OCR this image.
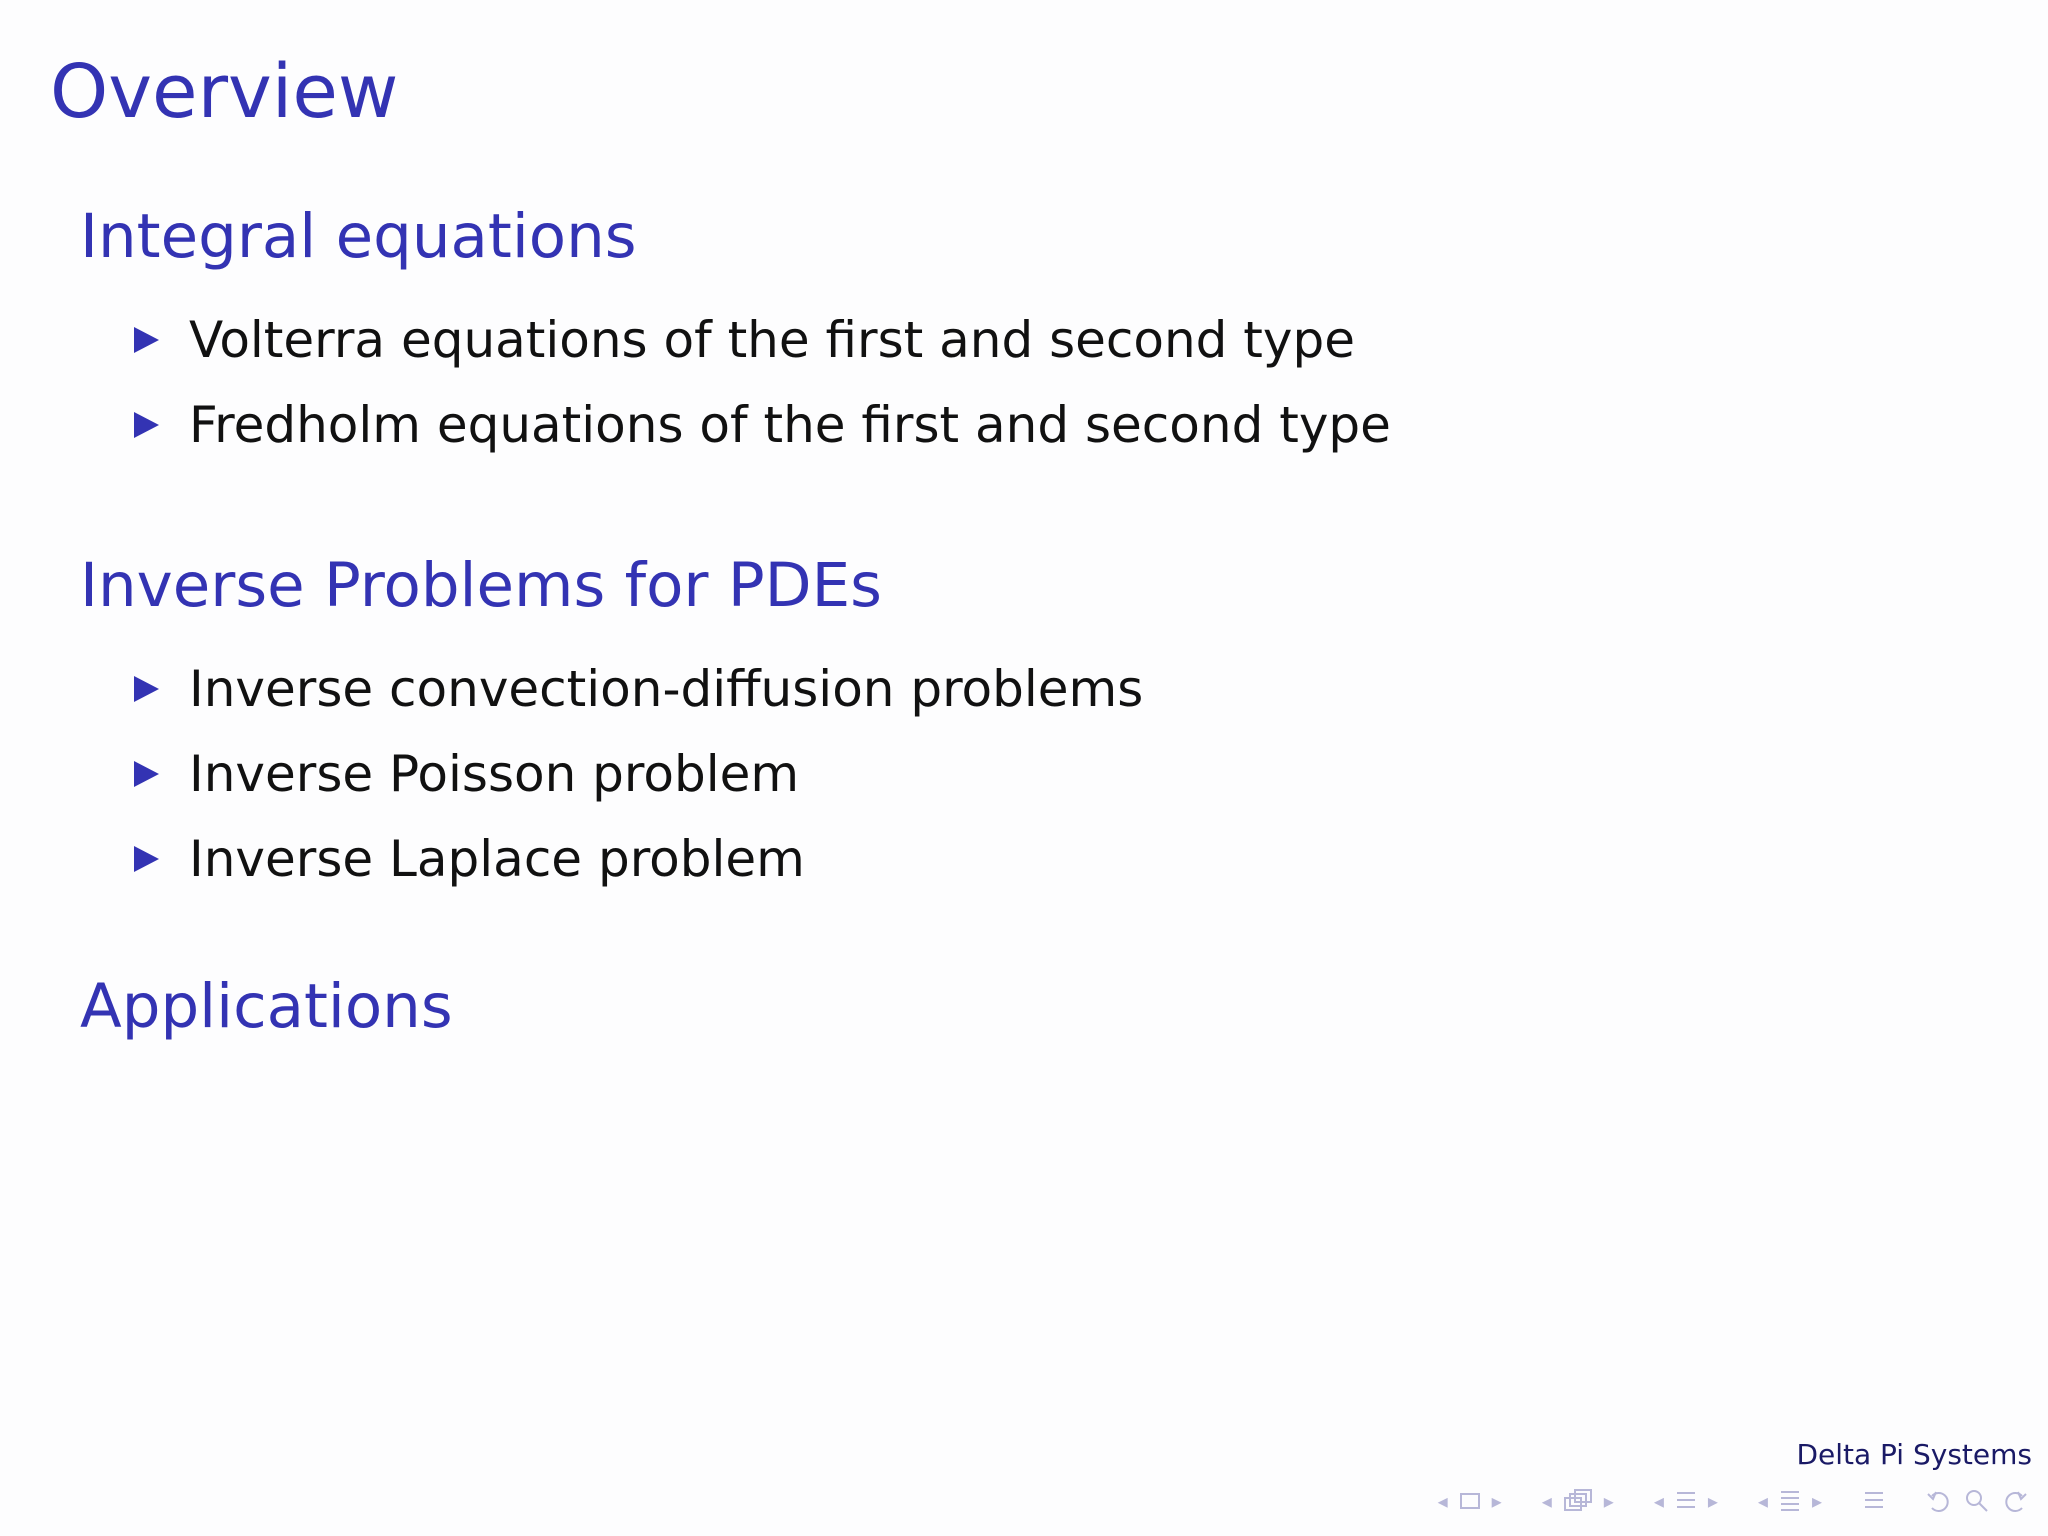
Overview
Integral equations
Volterra equations of the first and second type
Fredholm equations of the first and second type
Inverse Problems for PDEs
Inverse convection-diffusion problems
Inverse Poisson problem
Inverse Laplace problem
Applications
Delta Pi Systems
◂ ▸ ◂	▸ ◂ ▸ ◂ ▸
